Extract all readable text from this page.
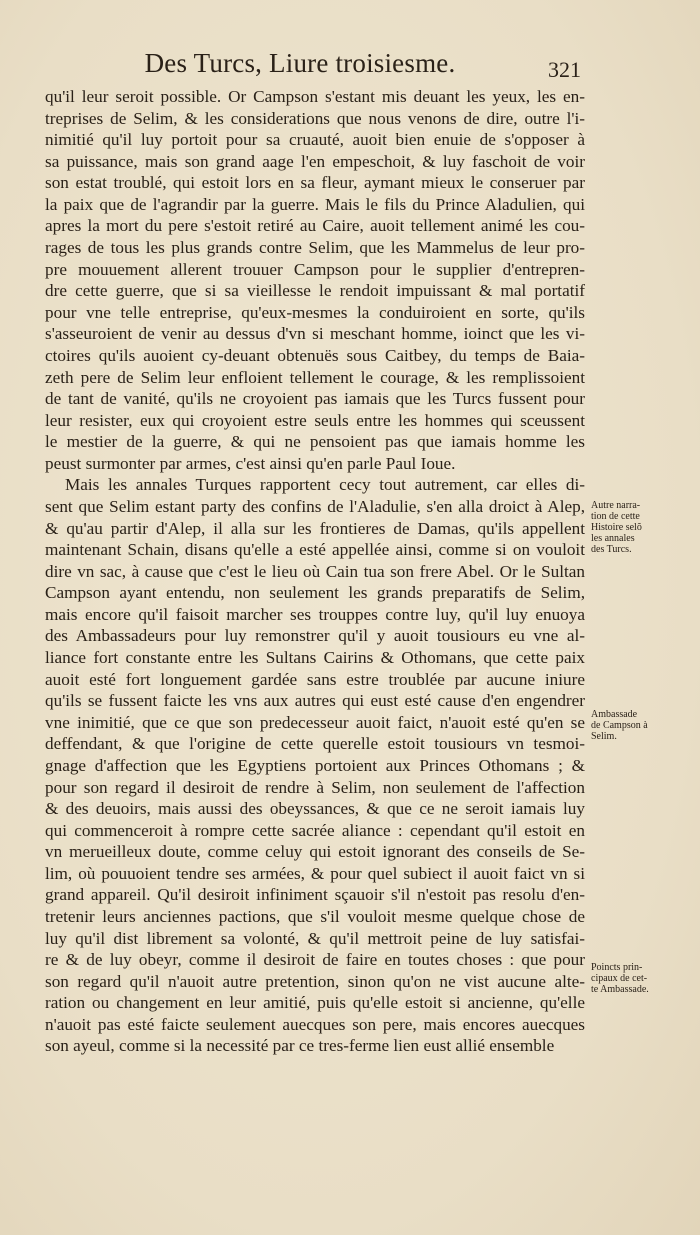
Des Turcs, Liure troisiesme.	321
qu'il leur seroit possible. Or Campson s'estant mis deuant les yeux, les en-
treprises de Selim, & les considerations que nous venons de dire, outre l'i-
nimitié qu'il luy portoit pour sa cruauté, auoit bien enuie de s'opposer à
sa puissance, mais son grand aage l'en empeschoit, & luy faschoit de voir
son estat troublé, qui estoit lors en sa fleur, aymant mieux le conseruer par
la paix que de l'agrandir par la guerre. Mais le fils du Prince Aladulien, qui
apres la mort du pere s'estoit retiré au Caire, auoit tellement animé les cou-
rages de tous les plus grands contre Selim, que les Mammelus de leur pro-
pre mouuement allerent trouuer Campson pour le supplier d'entrepren-
dre cette guerre, que si sa vieillesse le rendoit impuissant & mal portatif
pour vne telle entreprise, qu'eux-mesmes la conduiroient en sorte, qu'ils
s'asseuroient de venir au dessus d'vn si meschant homme, ioinct que les vi-
ctoires qu'ils auoient cy-deuant obtenuës sous Caitbey, du temps de Baia-
zeth pere de Selim leur enfloient tellement le courage, & les remplissoient
de tant de vanité, qu'ils ne croyoient pas iamais que les Turcs fussent pour
leur resister, eux qui croyoient estre seuls entre les hommes qui sceussent
le mestier de la guerre, & qui ne pensoient pas que iamais homme les
peust surmonter par armes, c'est ainsi qu'en parle Paul Ioue.
Mais les annales Turques rapportent cecy tout autrement, car elles di-
sent que Selim estant party des confins de l'Aladulie, s'en alla droict à Alep,
& qu'au partir d'Alep, il alla sur les frontieres de Damas, qu'ils appellent
maintenant Schain, disans qu'elle a esté appellée ainsi, comme si on vouloit
dire vn sac, à cause que c'est le lieu où Cain tua son frere Abel. Or le Sultan
Campson ayant entendu, non seulement les grands preparatifs de Selim,
mais encore qu'il faisoit marcher ses trouppes contre luy, qu'il luy enuoya
des Ambassadeurs pour luy remonstrer qu'il y auoit tousiours eu vne al-
liance fort constante entre les Sultans Cairins & Othomans, que cette paix
auoit esté fort longuement gardée sans estre troublée par aucune iniure
qu'ils se fussent faicte les vns aux autres qui eust esté cause d'en engendrer
vne inimitié, que ce que son predecesseur auoit faict, n'auoit esté qu'en se
deffendant, & que l'origine de cette querelle estoit tousiours vn tesmoi-
gnage d'affection que les Egyptiens portoient aux Princes Othomans ; &
pour son regard il desiroit de rendre à Selim, non seulement de l'affection
& des deuoirs, mais aussi des obeyssances, & que ce ne seroit iamais luy
qui commenceroit à rompre cette sacrée aliance : cependant qu'il estoit en
vn merueilleux doute, comme celuy qui estoit ignorant des conseils de Se-
lim, où pouuoient tendre ses armées, & pour quel subiect il auoit faict vn si
grand appareil. Qu'il desiroit infiniment sçauoir s'il n'estoit pas resolu d'en-
tretenir leurs anciennes pactions, que s'il vouloit mesme quelque chose de
luy qu'il dist librement sa volonté, & qu'il mettroit peine de luy satisfai-
re & de luy obeyr, comme il desiroit de faire en toutes choses : que pour
son regard qu'il n'auoit autre pretention, sinon qu'on ne vist aucune alte-
ration ou changement en leur amitié, puis qu'elle estoit si ancienne, qu'elle
n'auoit pas esté faicte seulement auecques son pere, mais encores auecques
son ayeul, comme si la necessité par ce tres-ferme lien eust allié ensemble
Autre narra-
tion de cette
Histoire selõ
les annales
des Turcs.
Ambassade
de Campson à
Selim.
Poincts prin-
cipaux de cet-
te Ambassade.
